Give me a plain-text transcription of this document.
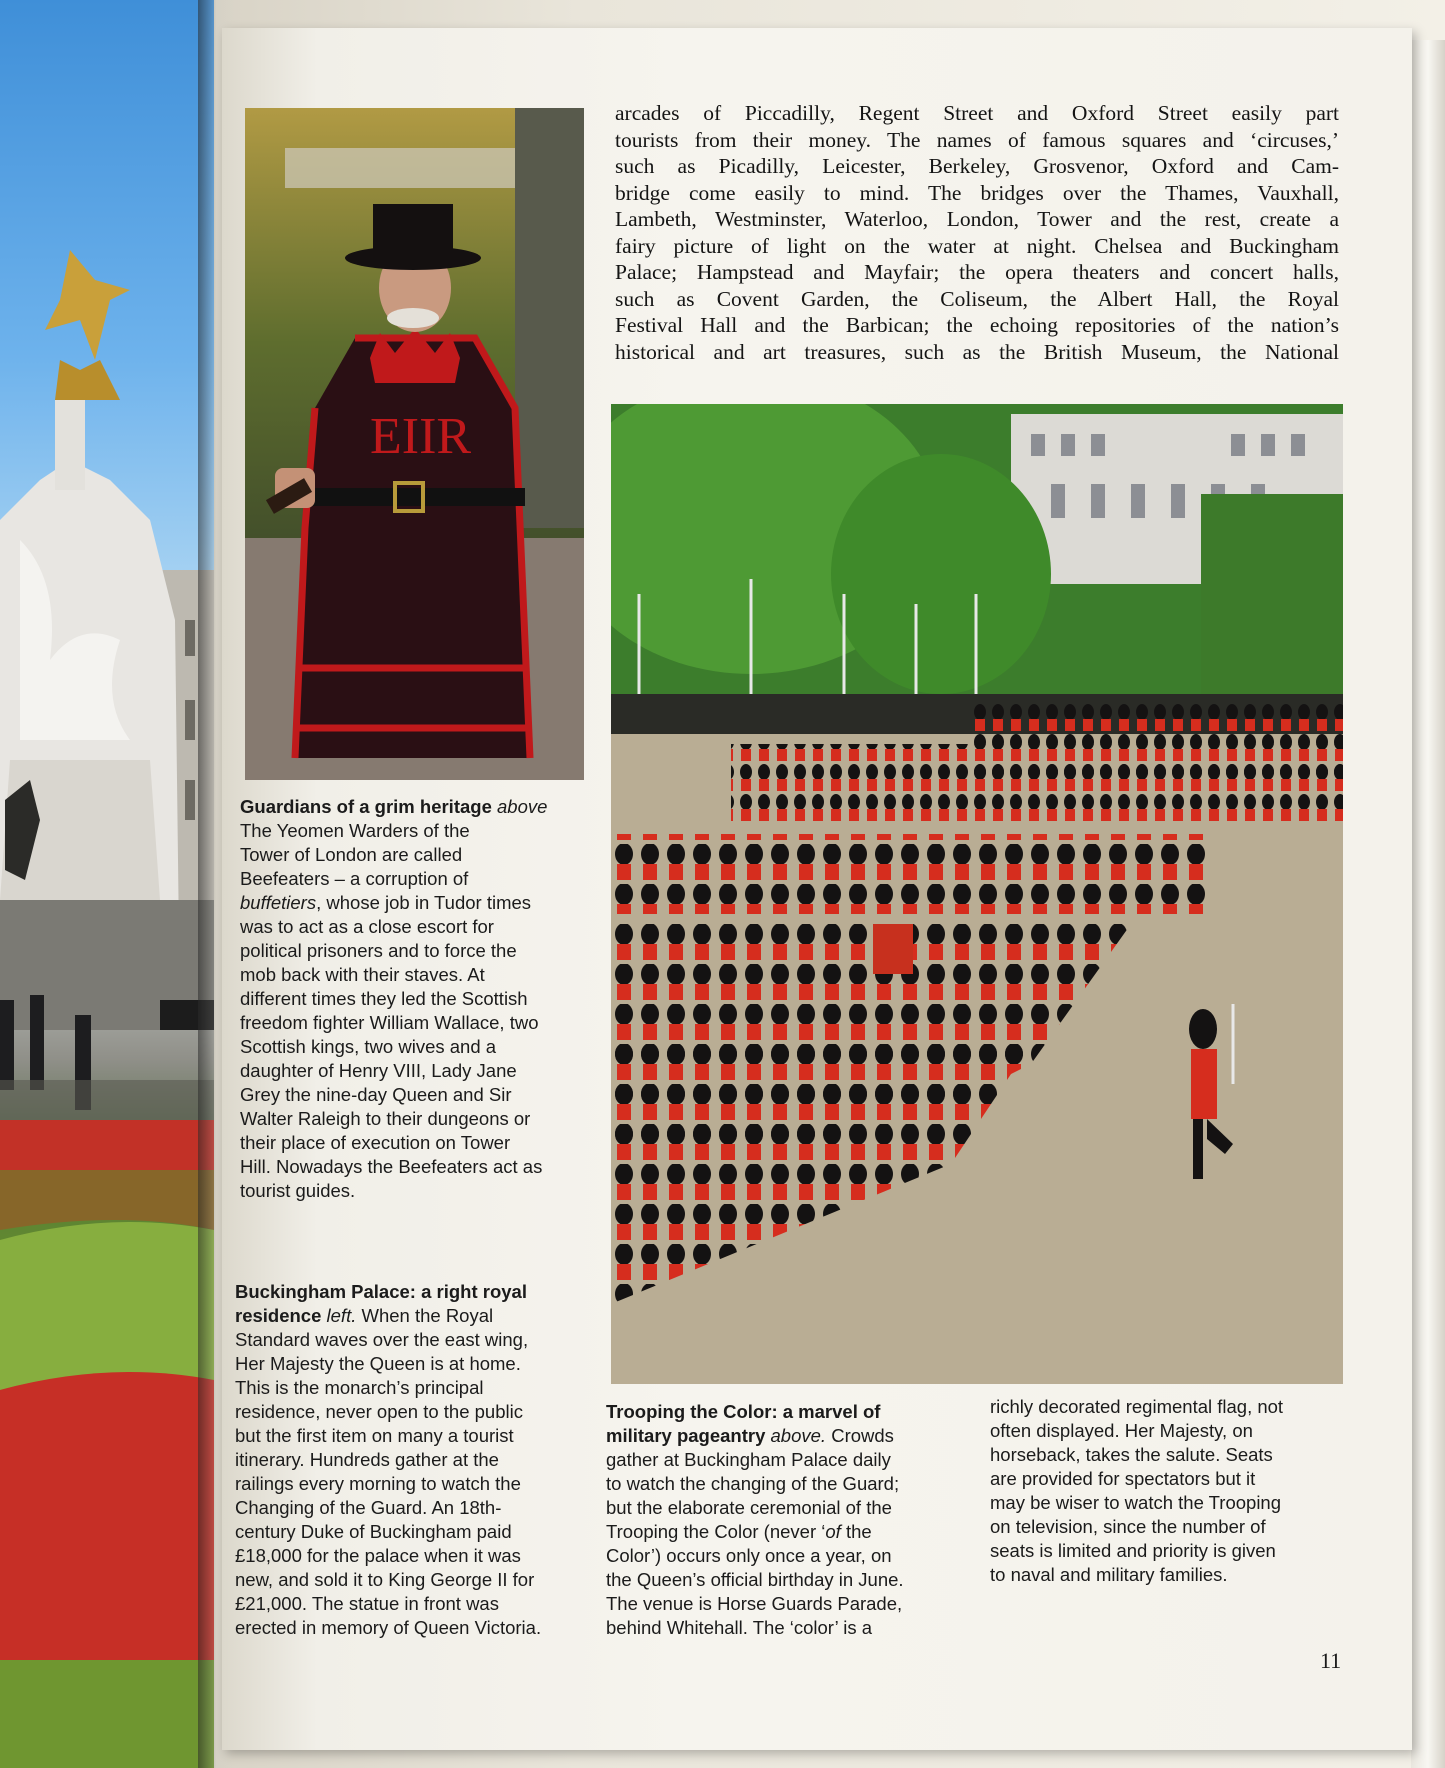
EIIR
arcades of Piccadilly, Regent Street and Oxford Street easily part
tourists from their money. The names of famous squares and ‘circuses,’
such as Picadilly, Leicester, Berkeley, Grosvenor, Oxford and Cam-
bridge come easily to mind. The bridges over the Thames, Vauxhall,
Lambeth, Westminster, Waterloo, London, Tower and the rest, create a
fairy picture of light on the water at night. Chelsea and Buckingham
Palace; Hampstead and Mayfair; the opera theaters and concert halls,
such as Covent Garden, the Coliseum, the Albert Hall, the Royal
Festival Hall and the Barbican; the echoing repositories of the nation’s
historical and art treasures, such as the British Museum, the National
Guardians of a grim heritage above
The Yeomen Warders of the
Tower of London are called
Beefeaters – a corruption of
buffetiers, whose job in Tudor times
was to act as a close escort for
political prisoners and to force the
mob back with their staves. At
different times they led the Scottish
freedom fighter William Wallace, two
Scottish kings, two wives and a
daughter of Henry VIII, Lady Jane
Grey the nine-day Queen and Sir
Walter Raleigh to their dungeons or
their place of execution on Tower
Hill. Nowadays the Beefeaters act as
tourist guides.
Buckingham Palace: a right royal
residence left. When the Royal
Standard waves over the east wing,
Her Majesty the Queen is at home.
This is the monarch’s principal
residence, never open to the public
but the first item on many a tourist
itinerary. Hundreds gather at the
railings every morning to watch the
Changing of the Guard. An 18th-
century Duke of Buckingham paid
£18,000 for the palace when it was
new, and sold it to King George II for
£21,000. The statue in front was
erected in memory of Queen Victoria.
Trooping the Color: a marvel of
military pageantry above. Crowds
gather at Buckingham Palace daily
to watch the changing of the Guard;
but the elaborate ceremonial of the
Trooping the Color (never ‘of the
Color’) occurs only once a year, on
the Queen’s official birthday in June.
The venue is Horse Guards Parade,
behind Whitehall. The ‘color’ is a
richly decorated regimental flag, not
often displayed. Her Majesty, on
horseback, takes the salute. Seats
are provided for spectators but it
may be wiser to watch the Trooping
on television, since the number of
seats is limited and priority is given
to naval and military families.
11
